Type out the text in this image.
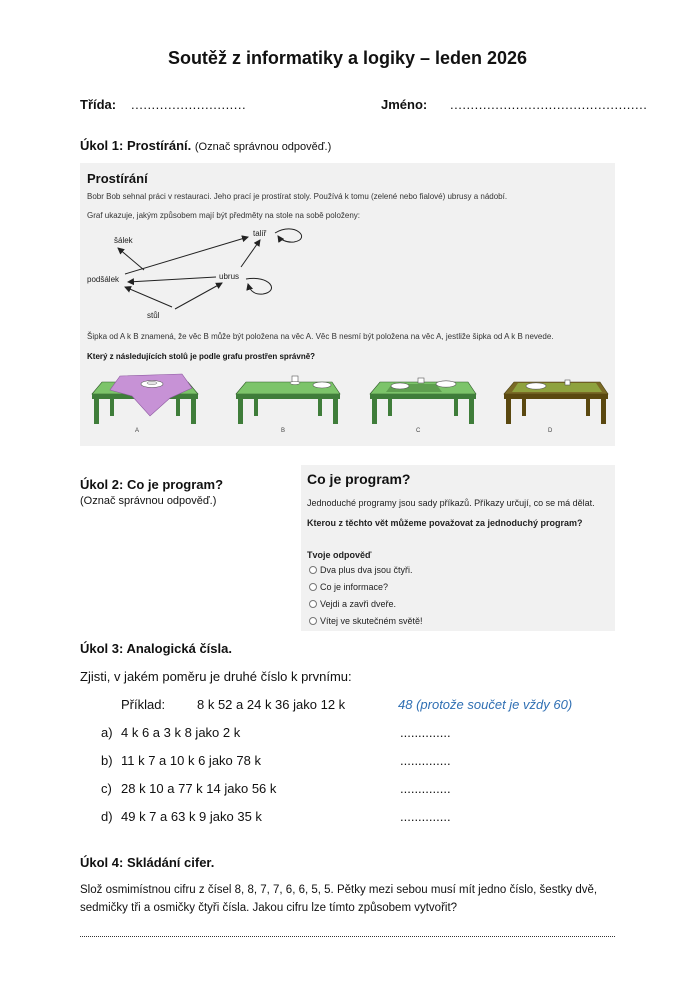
Soutěž z informatiky a logiky – leden 2026
Třída: ............................	Jméno: ................................................
Úkol 1: Prostírání. (Označ správnou odpověď.)
Prostírání
Bobr Bob sehnal práci v restauraci. Jeho prací je prostírat stoly. Používá k tomu (zelené nebo fialové) ubrusy a nádobí.
Graf ukazuje, jakým způsobem mají být předměty na stole na sobě položeny:
šálek
talíř
podšálek	ubrus
stůl
Šipka od A k B znamená, že věc B může být položena na věc A. Věc B nesmí být položena na věc A, jestliže šipka od A k B nevede.
Který z následujících stolů je podle grafu prostřen správně?
A	B	C	D
Úkol 2: Co je program?
(Označ správnou odpověď.)
Co je program?
Jednoduché programy jsou sady příkazů. Příkazy určují, co se má dělat.
Kterou z těchto vět můžeme považovat za jednoduchý program?
Tvoje odpověď
Dva plus dva jsou čtyři.
Co je informace?
Vejdi a zavři dveře.
Vítej ve skutečném světě!
Úkol 3: Analogická čísla.
Zjisti, v jakém poměru je druhé číslo k prvnímu:
Příklad: 8 k 52 a 24 k 36 jako 12 k	48 (protože součet je vždy 60)
a) 4 k 6 a 3 k 8 jako 2 k	..............
b) 11 k 7 a 10 k 6 jako 78 k	..............
c) 28 k 10 a 77 k 14 jako 56 k	..............
d) 49 k 7 a 63 k 9 jako 35 k	..............
Úkol 4: Skládání cifer.
Slož osmimístnou cifru z čísel 8, 8, 7, 7, 6, 6, 5, 5. Pětky mezi sebou musí mít jedno číslo, šestky dvě,
sedmičky tři a osmičky čtyři čísla. Jakou cifru lze tímto způsobem vytvořit?
